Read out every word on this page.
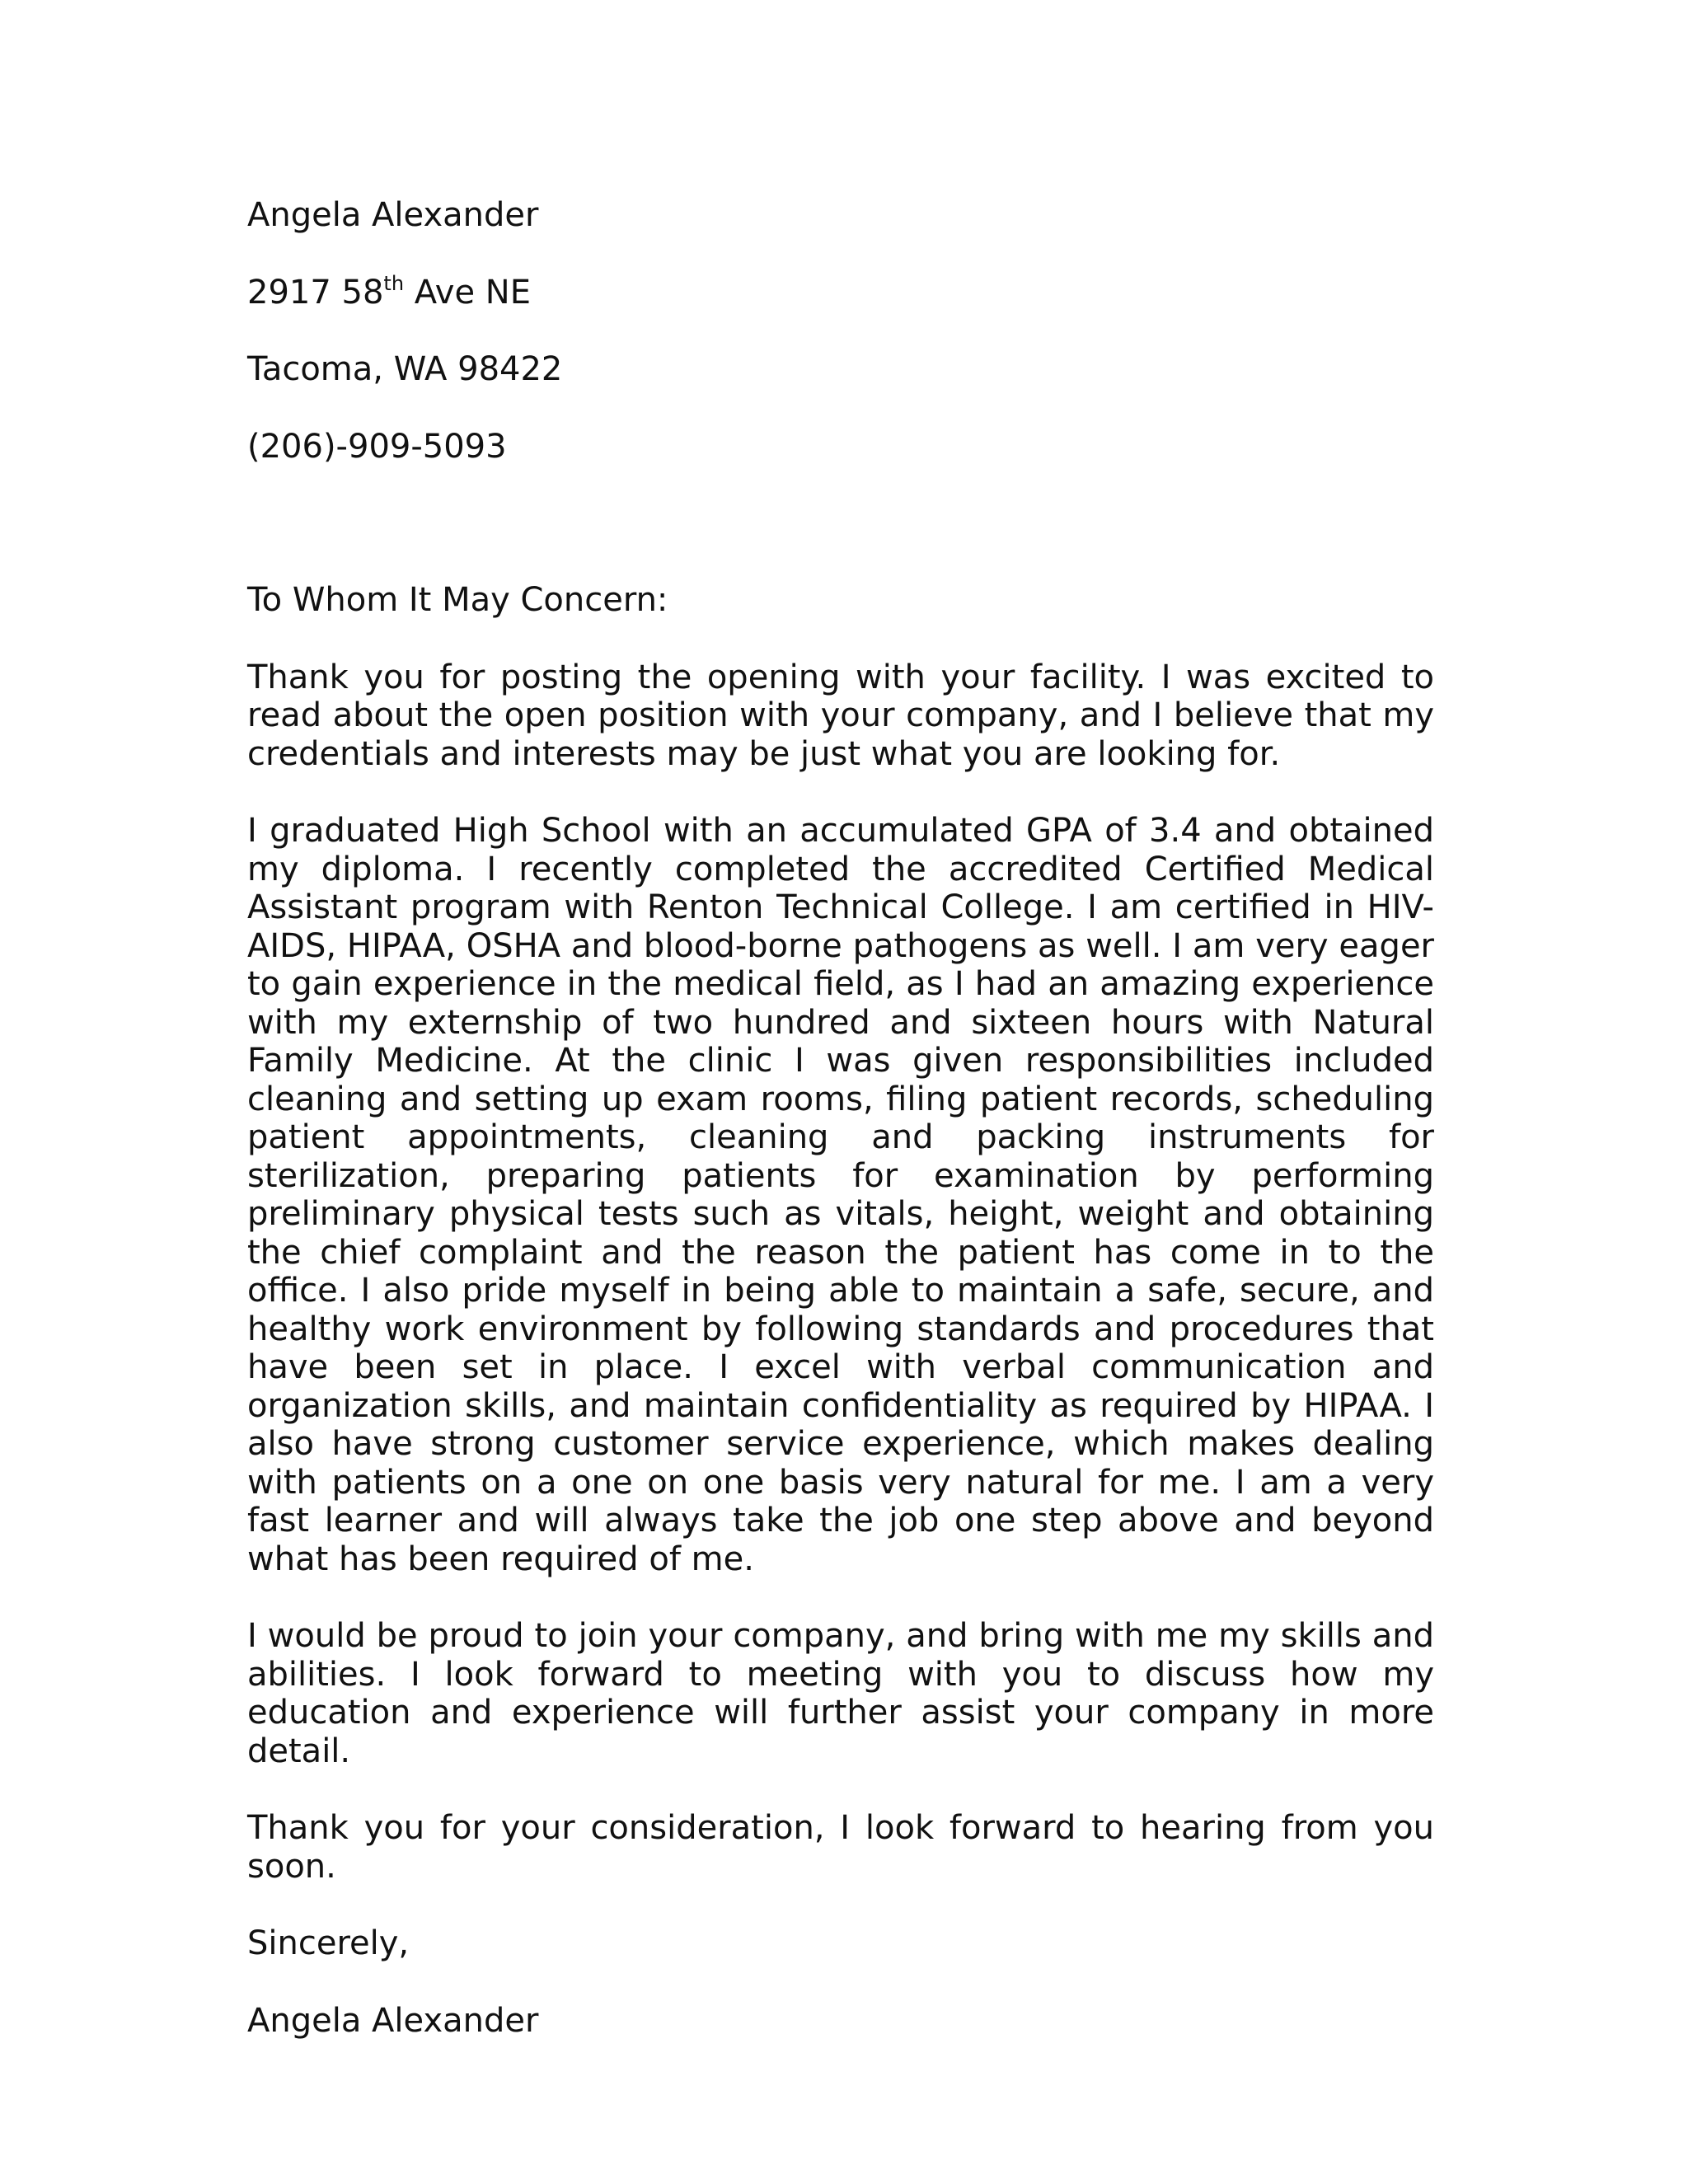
Angela Alexander
2917 58th Ave NE
Tacoma, WA 98422
(206)-909-5093
To Whom It May Concern:

Thank you for posting the opening with your facility. I was excited to read about the open position with your company, and I believe that my credentials and interests may be just what you are looking for.

I graduated High School with an accumulated GPA of 3.4 and obtained my diploma. I recently completed the accredited Certified Medical Assistant program with Renton Technical College. I am certified in HIV-AIDS, HIPAA, OSHA and blood-borne pathogens as well. I am very eager to gain experience in the medical field, as I had an amazing experience with my externship of two hundred and sixteen hours with Natural Family Medicine. At the clinic I was given responsibilities included cleaning and setting up exam rooms, filing patient records, scheduling patient appointments, cleaning and packing instruments for sterilization, preparing patients for examination by performing preliminary physical tests such as vitals, height, weight and obtaining the chief complaint and the reason the patient has come in to the office. I also pride myself in being able to maintain a safe, secure, and healthy work environment by following standards and procedures that have been set in place. I excel with verbal communication and organization skills, and maintain confidentiality as required by HIPAA. I also have strong customer service experience, which makes dealing with patients on a one on one basis very natural for me. I am a very fast learner and will always take the job one step above and beyond what has been required of me.

I would be proud to join your company, and bring with me my skills and abilities. I look forward to meeting with you to discuss how my education and experience will further assist your company in more detail.

Thank you for your consideration, I look forward to hearing from you soon.

Sincerely,
Angela Alexander
